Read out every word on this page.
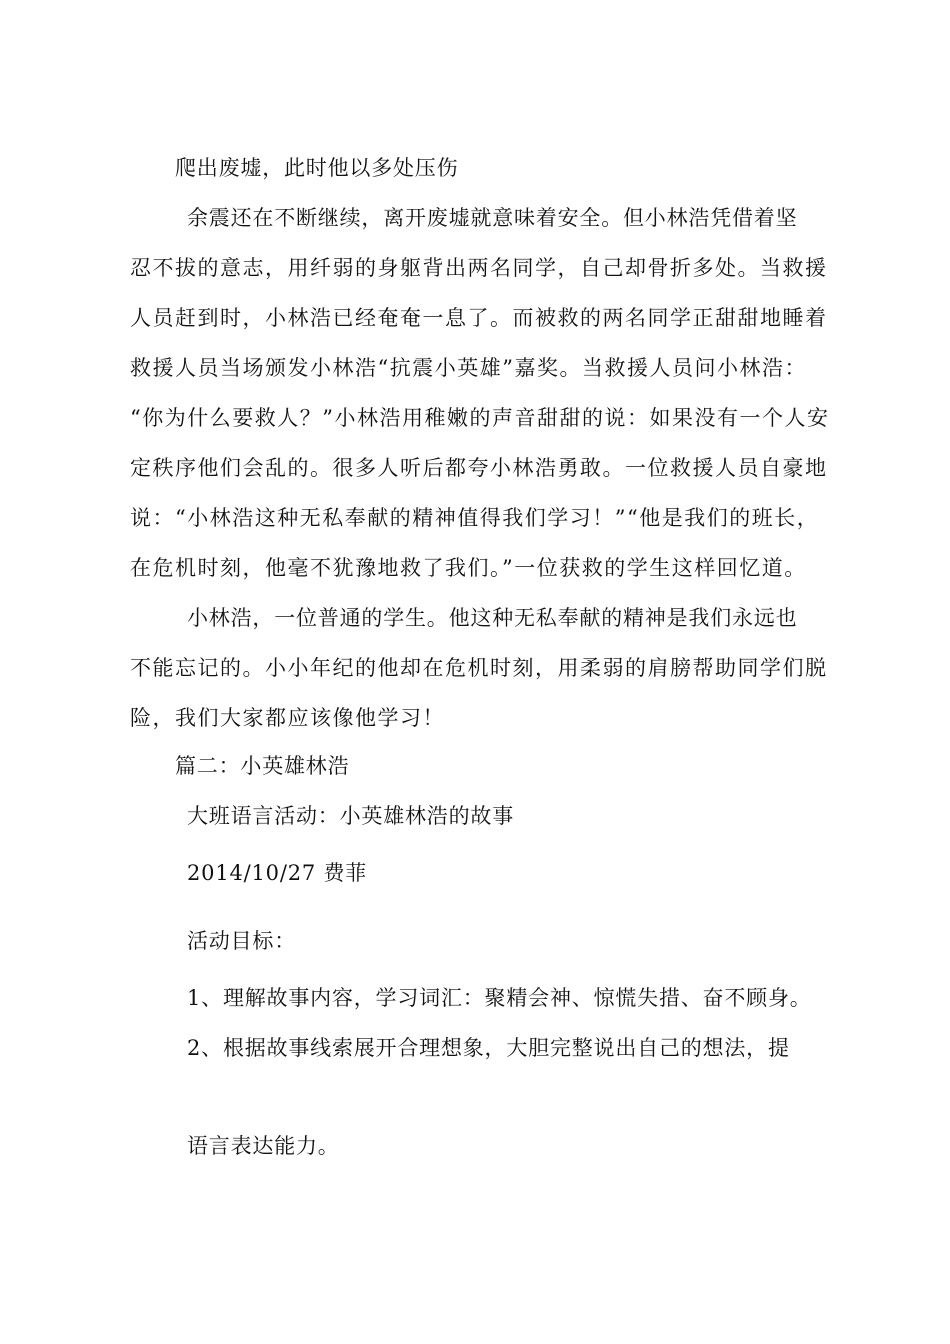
爬出废墟，此时他以多处压伤
余震还在不断继续，离开废墟就意味着安全。但小林浩凭借着坚
忍不拔的意志，用纤弱的身躯背出两名同学，自己却骨折多处。当救援
人员赶到时，小林浩已经奄奄一息了。而被救的两名同学正甜甜地睡着
救援人员当场颁发小林浩“抗震小英雄”嘉奖。当救援人员问小林浩：
“你为什么要救人？”小林浩用稚嫩的声音甜甜的说：如果没有一个人安
定秩序他们会乱的。很多人听后都夸小林浩勇敢。一位救援人员自豪地
说：“小林浩这种无私奉献的精神值得我们学习！”“他是我们的班长，
在危机时刻，他毫不犹豫地救了我们。”一位获救的学生这样回忆道。
小林浩，一位普通的学生。他这种无私奉献的精神是我们永远也
不能忘记的。小小年纪的他却在危机时刻，用柔弱的肩膀帮助同学们脱
险，我们大家都应该像他学习！
篇二：小英雄林浩
大班语言活动：小英雄林浩的故事
2014/10/27 费菲
活动目标：
1、理解故事内容，学习词汇：聚精会神、惊慌失措、奋不顾身。
2、根据故事线索展开合理想象，大胆完整说出自己的想法，提
语言表达能力。
